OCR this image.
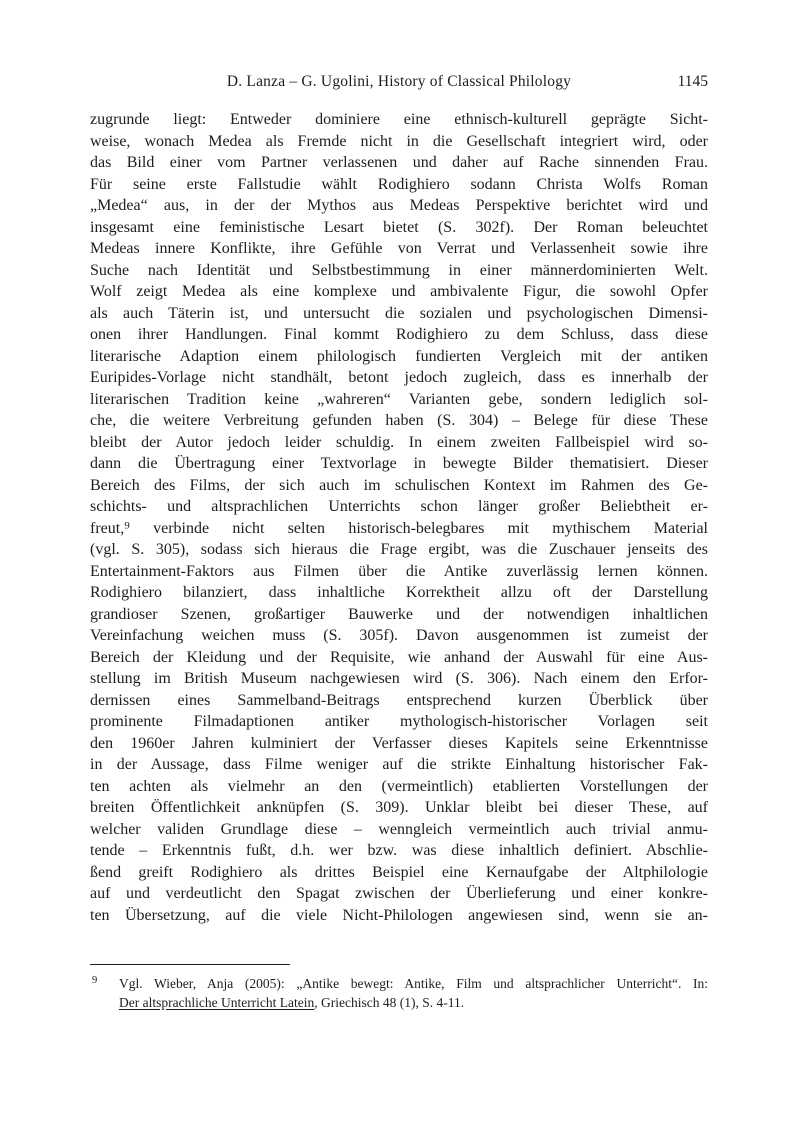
D. Lanza – G. Ugolini, History of Classical Philology	1145
zugrunde liegt: Entweder dominiere eine ethnisch-kulturell geprägte Sicht-
weise, wonach Medea als Fremde nicht in die Gesellschaft integriert wird, oder
das Bild einer vom Partner verlassenen und daher auf Rache sinnenden Frau.
Für seine erste Fallstudie wählt Rodighiero sodann Christa Wolfs Roman
„Medea“ aus, in der der Mythos aus Medeas Perspektive berichtet wird und
insgesamt eine feministische Lesart bietet (S. 302f). Der Roman beleuchtet
Medeas innere Konflikte, ihre Gefühle von Verrat und Verlassenheit sowie ihre
Suche nach Identität und Selbstbestimmung in einer männerdominierten Welt.
Wolf zeigt Medea als eine komplexe und ambivalente Figur, die sowohl Opfer
als auch Täterin ist, und untersucht die sozialen und psychologischen Dimensi-
onen ihrer Handlungen. Final kommt Rodighiero zu dem Schluss, dass diese
literarische Adaption einem philologisch fundierten Vergleich mit der antiken
Euripides-Vorlage nicht standhält, betont jedoch zugleich, dass es innerhalb der
literarischen Tradition keine „wahreren“ Varianten gebe, sondern lediglich sol-
che, die weitere Verbreitung gefunden haben (S. 304) – Belege für diese These
bleibt der Autor jedoch leider schuldig. In einem zweiten Fallbeispiel wird so-
dann die Übertragung einer Textvorlage in bewegte Bilder thematisiert. Dieser
Bereich des Films, der sich auch im schulischen Kontext im Rahmen des Ge-
schichts- und altsprachlichen Unterrichts schon länger großer Beliebtheit er-
freut,⁹ verbinde nicht selten historisch-belegbares mit mythischem Material
(vgl. S. 305), sodass sich hieraus die Frage ergibt, was die Zuschauer jenseits des
Entertainment-Faktors aus Filmen über die Antike zuverlässig lernen können.
Rodighiero bilanziert, dass inhaltliche Korrektheit allzu oft der Darstellung
grandioser Szenen, großartiger Bauwerke und der notwendigen inhaltlichen
Vereinfachung weichen muss (S. 305f). Davon ausgenommen ist zumeist der
Bereich der Kleidung und der Requisite, wie anhand der Auswahl für eine Aus-
stellung im British Museum nachgewiesen wird (S. 306). Nach einem den Erfor-
dernissen eines Sammelband-Beitrags entsprechend kurzen Überblick über
prominente Filmadaptionen antiker mythologisch-historischer Vorlagen seit
den 1960er Jahren kulminiert der Verfasser dieses Kapitels seine Erkenntnisse
in der Aussage, dass Filme weniger auf die strikte Einhaltung historischer Fak-
ten achten als vielmehr an den (vermeintlich) etablierten Vorstellungen der
breiten Öffentlichkeit anknüpfen (S. 309). Unklar bleibt bei dieser These, auf
welcher validen Grundlage diese – wenngleich vermeintlich auch trivial anmu-
tende – Erkenntnis fußt, d.h. wer bzw. was diese inhaltlich definiert. Abschlie-
ßend greift Rodighiero als drittes Beispiel eine Kernaufgabe der Altphilologie
auf und verdeutlicht den Spagat zwischen der Überlieferung und einer konkre-
ten Übersetzung, auf die viele Nicht-Philologen angewiesen sind, wenn sie an-
9 Vgl. Wieber, Anja (2005): „Antike bewegt: Antike, Film und altsprachlicher Unterricht“. In:
Der altsprachliche Unterricht Latein, Griechisch 48 (1), S. 4-11.
